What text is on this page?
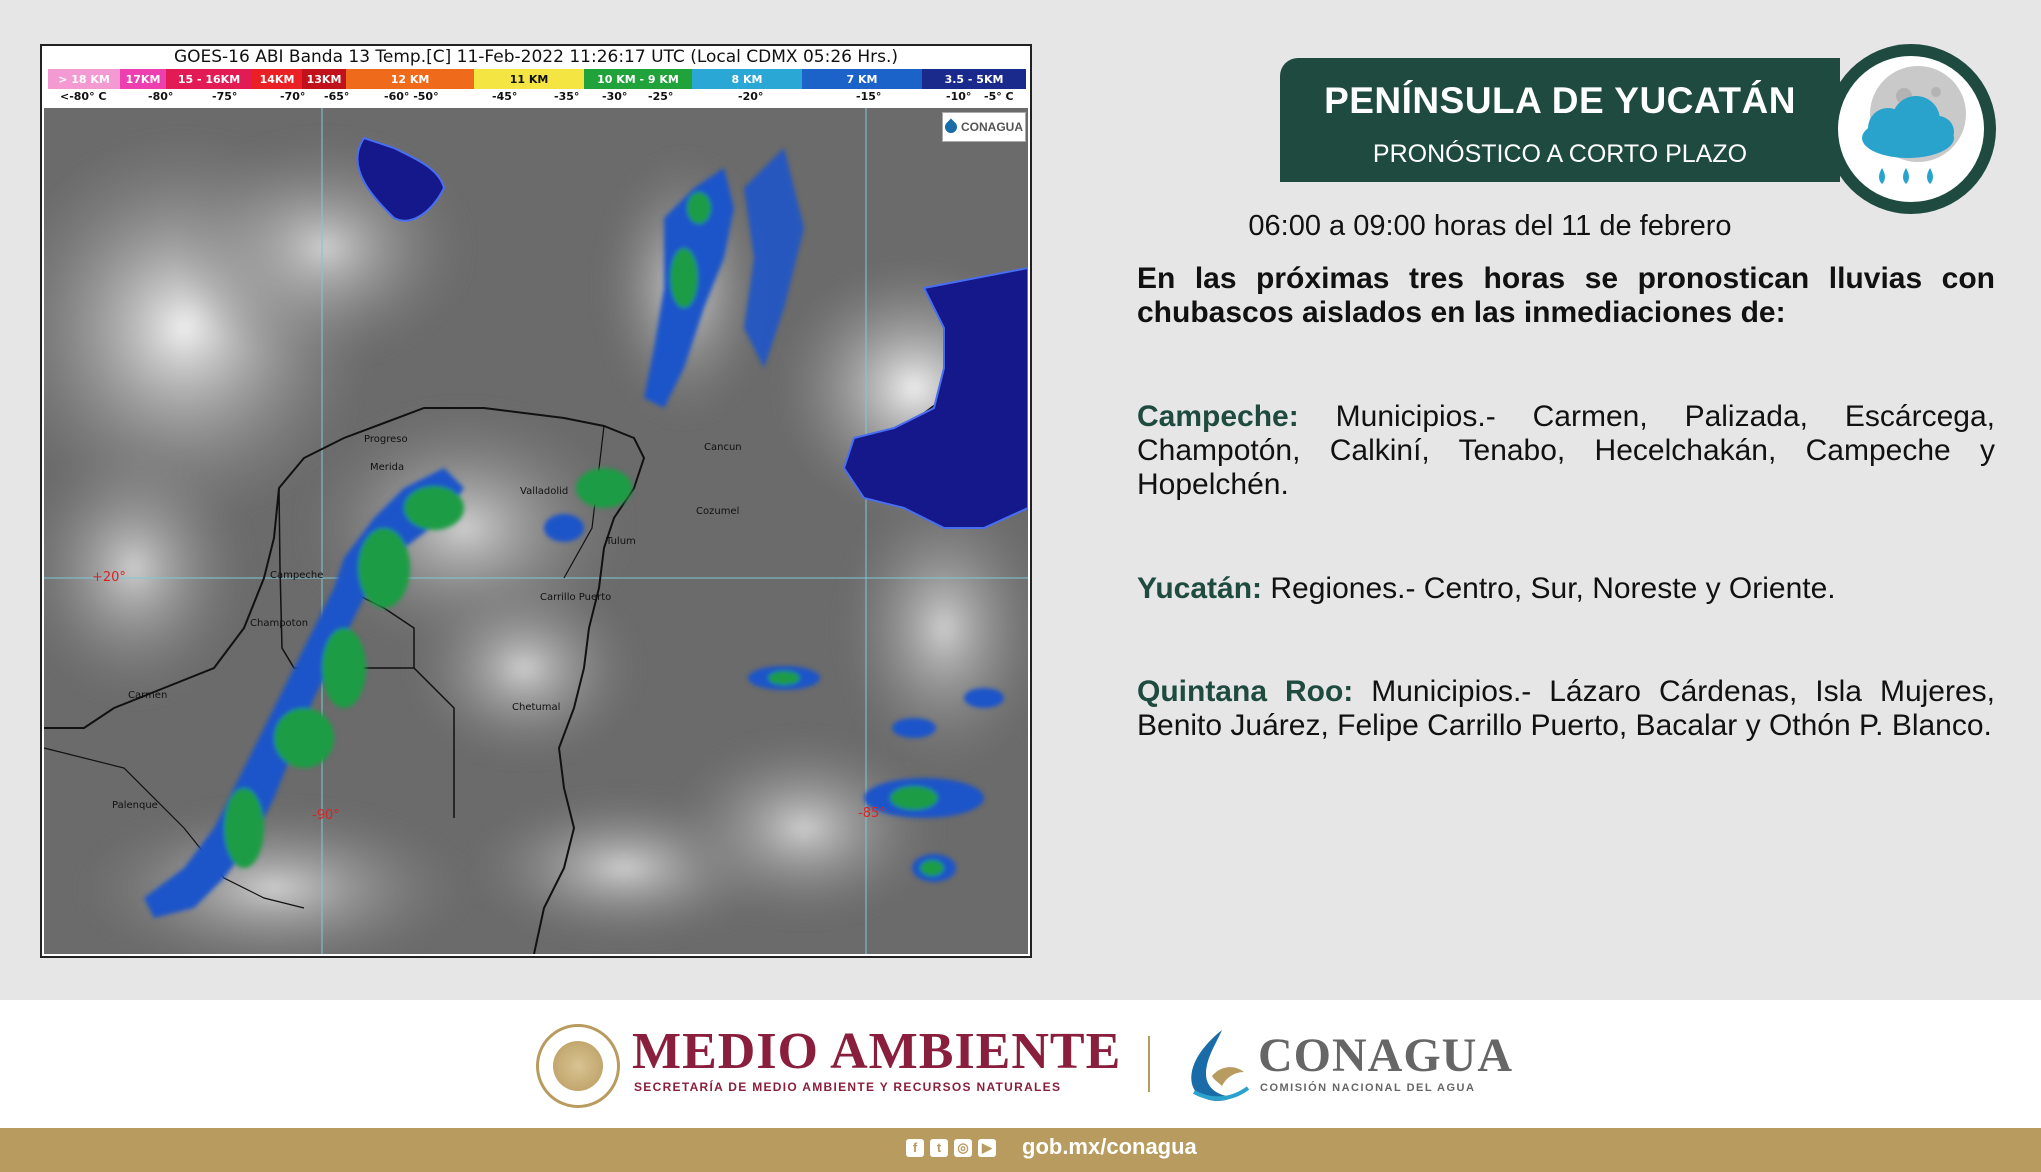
GOES-16 ABI Banda 13 Temp.[C] 11-Feb-2022 11:26:17 UTC (Local CDMX 05:26 Hrs.)
> 18 KM 17KM 15 - 16KM 14KM 13KM	12 KM	11 KM	10 KM - 9 KM	8 KM	7 KM	3.5 - 5KM
<-80° C	-80°	-75°	-70° -65°	-60° -50°	-45°	-35° -30° -25°	-20°	-15°	-10° -5° C
Progreso
Merida
Valladolid
Cancun
Cozumel
Tulum
Campeche
Champoton
Carrillo Puerto
Carmen
Chetumal
Palenque
+20°
-90°	-85°
CONAGUA
PENÍNSULA DE YUCATÁN
PRONÓSTICO A CORTO PLAZO
06:00 a 09:00 horas del 11 de febrero
En las próximas tres horas se pronostican lluvias con chubascos aislados en las inmediaciones de:
Campeche: Municipios.- Carmen, Palizada, Escárcega, Champotón, Calkiní, Tenabo, Hecelchakán, Campeche y Hopelchén.
Yucatán: Regiones.- Centro, Sur, Noreste y Oriente.
Quintana Roo: Municipios.- Lázaro Cárdenas, Isla Mujeres, Benito Juárez, Felipe Carrillo Puerto, Bacalar y Othón P. Blanco.
MEDIO AMBIENTE
SECRETARÍA DE MEDIO AMBIENTE Y RECURSOS NATURALES
CONAGUA
COMISIÓN NACIONAL DEL AGUA
f	t	◎	▶ gob.mx/conagua
